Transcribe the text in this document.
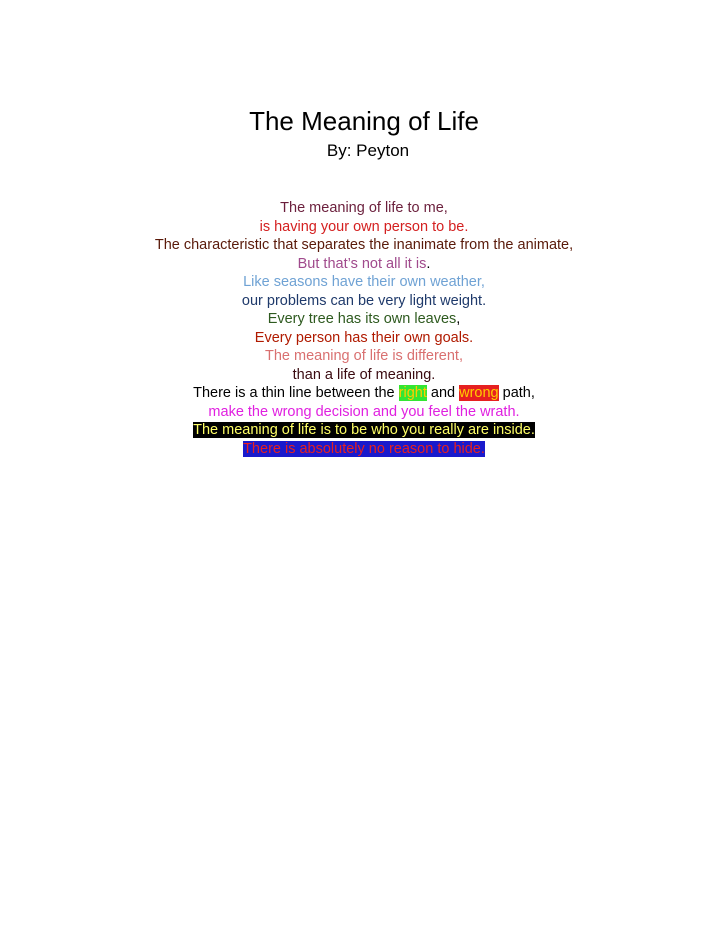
The Meaning of Life
By: Peyton
The meaning of life to me,
is having your own person to be.
The characteristic that separates the inanimate from the animate,
But that’s not all it is.
Like seasons have their own weather,
our problems can be very light weight.
Every tree has its own leaves,
Every person has their own goals.
The meaning of life is different,
than a life of meaning.
There is a thin line between the right and wrong path,
make the wrong decision and you feel the wrath.
The meaning of life is to be who you really are inside.
There is absolutely no reason to hide.
